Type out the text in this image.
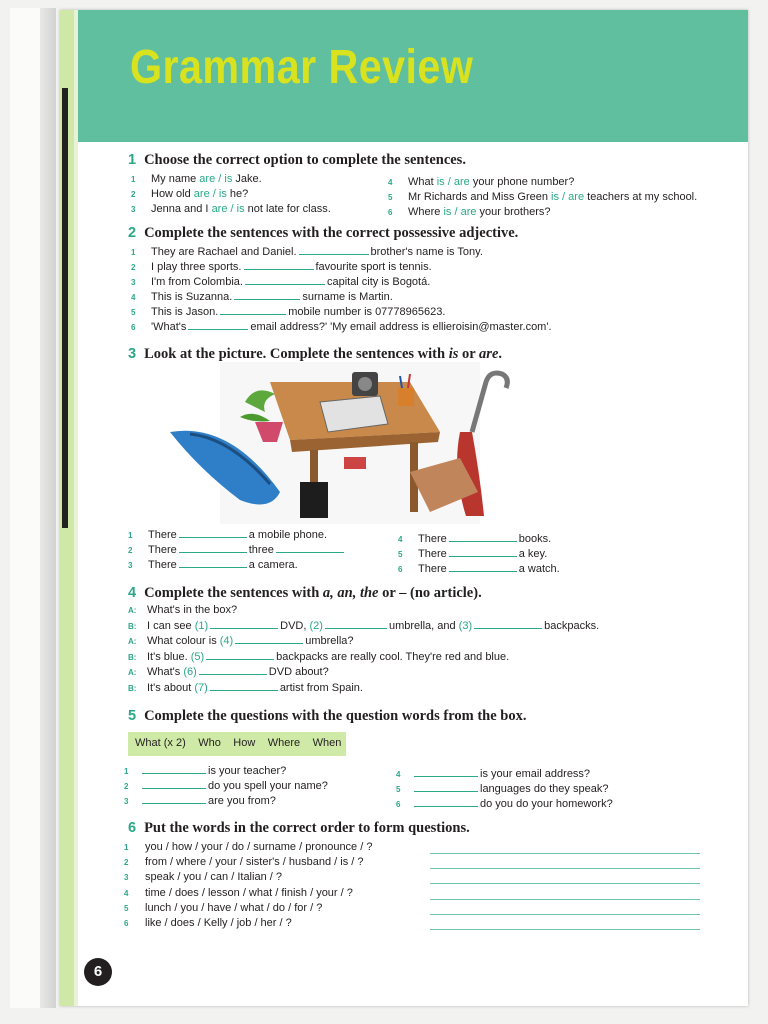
Grammar Review
1 Choose the correct option to complete the sentences.
2 Complete the sentences with the correct possessive adjective.
3 Look at the picture. Complete the sentences with is or are.
4 Complete the sentences with a, an, the or – (no article).
5 Complete the questions with the question words from the box.
What (x 2) Who How Where When
6 Put the words in the correct order to form questions.
6
1 My name are / is Jake.
2 How old are / is he?
3 Jenna and I are / is not late for class.
4 What is / are your phone number?
5 Mr Richards and Miss Green is / are teachers at my school.
6 Where is / are your brothers?
1 They are Rachael and Daniel.	brother's name is Tony.
2 I play three sports.	favourite sport is tennis.
3 I'm from Colombia.	capital city is Bogotá.
4 This is Suzanna.	surname is Martin.
5 This is Jason.	mobile number is 07778965623.
6 'What's	email address?' 'My email address is ellieroisin@master.com'.
1 There	a mobile phone.
2 There	three
3 There	a camera.
4 There	books.
5 There	a key.
6 There	a watch.
A: What's in the box?
B: I can see (1)	DVD, (2)	umbrella, and (3)	backpacks.
A: What colour is (4)	umbrella?
B: It's blue. (5)	backpacks are really cool. They're red and blue.
A: What's (6)	DVD about?
B: It's about (7)	artist from Spain.
1	is your teacher?
2	do you spell your name?
3	are you from?
4	is your email address?
5	languages do they speak?
6	do you do your homework?
1 you / how / your / do / surname / pronounce / ?
2 from / where / your / sister's / husband / is / ?
3 speak / you / can / Italian / ?
4 time / does / lesson / what / finish / your / ?
5 lunch / you / have / what / do / for / ?
6 like / does / Kelly / job / her / ?
